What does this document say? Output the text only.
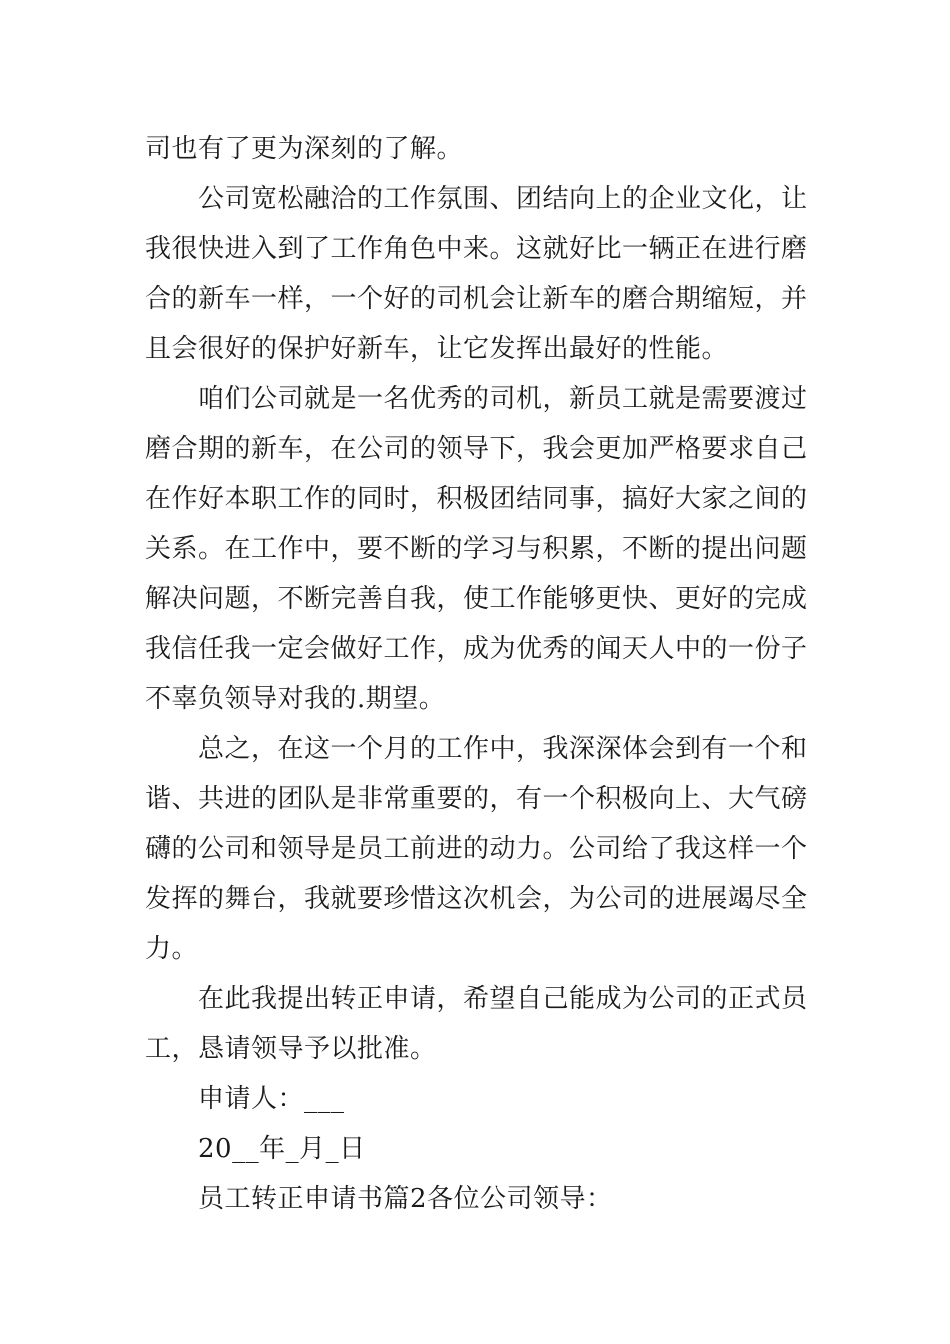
司也有了更为深刻的了解。
公司宽松融洽的工作氛围、团结向上的企业文化，让
我很快进入到了工作角色中来。这就好比一辆正在进行磨
合的新车一样，一个好的司机会让新车的磨合期缩短，并
且会很好的保护好新车，让它发挥出最好的性能。
咱们公司就是一名优秀的司机，新员工就是需要渡过
磨合期的新车，在公司的领导下，我会更加严格要求自己
在作好本职工作的同时，积极团结同事，搞好大家之间的
关系。在工作中，要不断的学习与积累，不断的提出问题
解决问题，不断完善自我，使工作能够更快、更好的完成
我信任我一定会做好工作，成为优秀的闻天人中的一份子
不辜负领导对我的.期望。
总之，在这一个月的工作中，我深深体会到有一个和
谐、共进的团队是非常重要的，有一个积极向上、大气磅
礴的公司和领导是员工前进的动力。公司给了我这样一个
发挥的舞台，我就要珍惜这次机会，为公司的进展竭尽全
力。
在此我提出转正申请，希望自己能成为公司的正式员
工，恳请领导予以批准。
申请人：___
20__年_月_日
员工转正申请书篇2各位公司领导：
